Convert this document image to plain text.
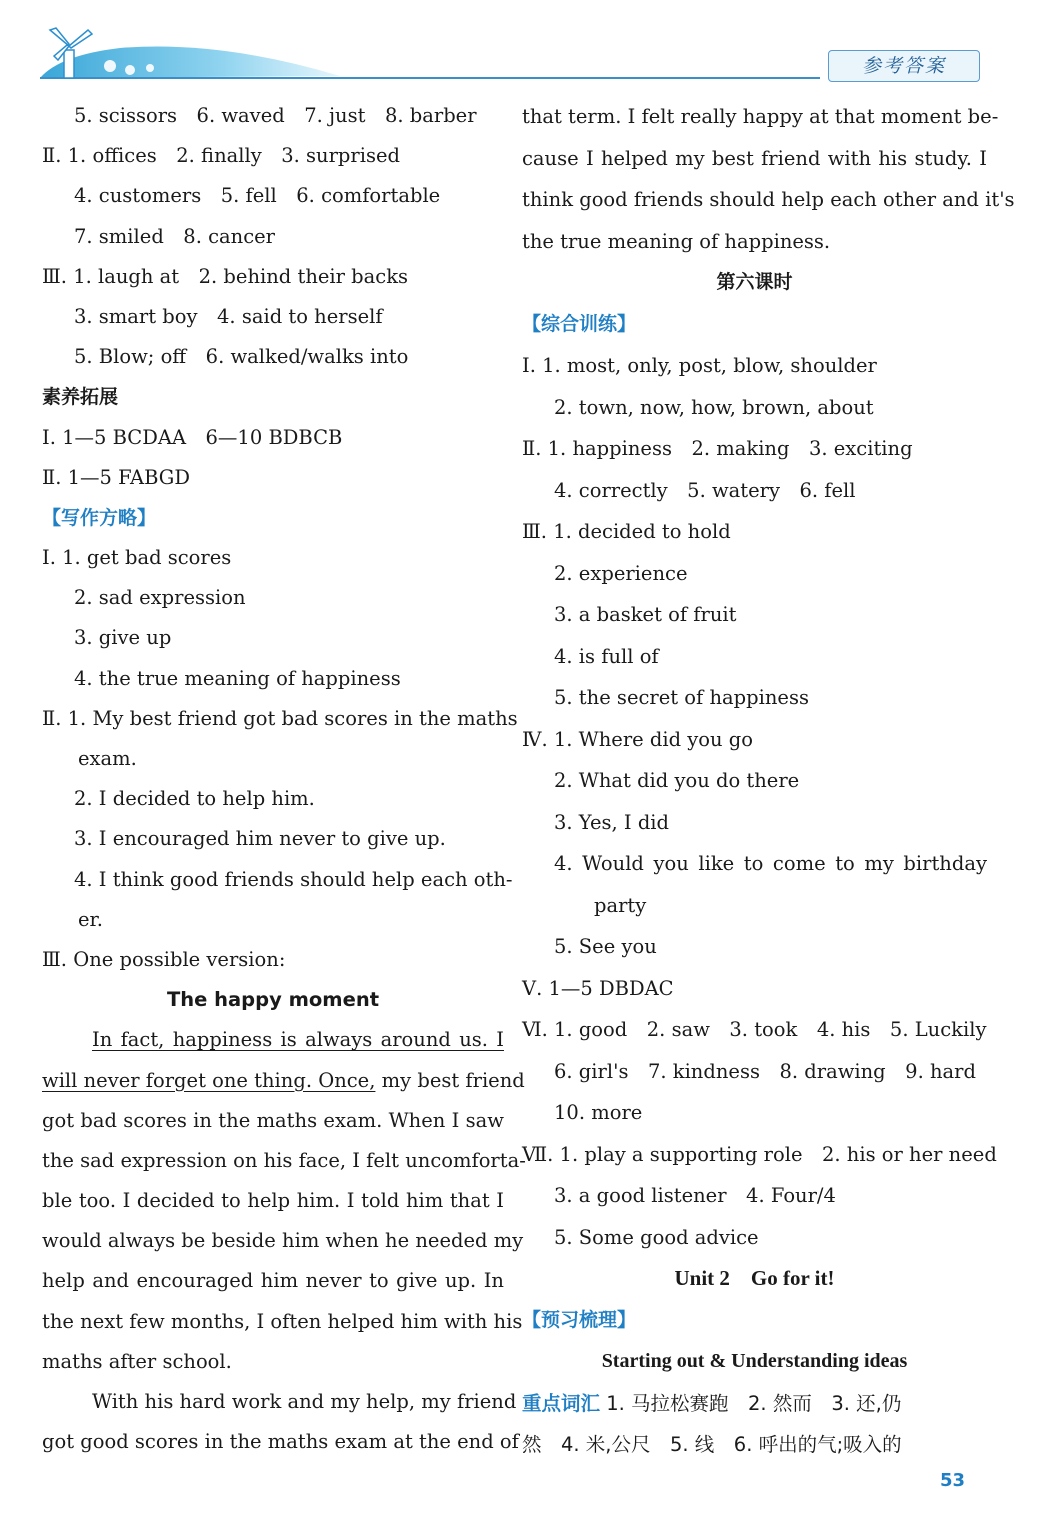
参考答案
5. scissors　6. waved　7. just　8. barber
Ⅱ. 1. offices　2. finally　3. surprised
4. customers　5. fell　6. comfortable
7. smiled　8. cancer
Ⅲ. 1. laugh at　2. behind their backs
3. smart boy　4. said to herself
5. Blow; off　6. walked/walks into
素养拓展
Ⅰ. 1—5 BCDAA　6—10 BDBCB
Ⅱ. 1—5 FABGD
【写作方略】
Ⅰ. 1. get bad scores
2. sad expression
3. give up
4. the true meaning of happiness
Ⅱ. 1. My best friend got bad scores in the maths
exam.
2. I decided to help him.
3. I encouraged him never to give up.
4. I think good friends should help each oth-
er.
Ⅲ. One possible version:
The happy moment
In fact, happiness is always around us. I
will never forget one thing. Once, my best friend
got bad scores in the maths exam. When I saw
the sad expression on his face, I felt uncomforta-
ble too. I decided to help him. I told him that I
would always be beside him when he needed my
help and encouraged him never to give up. In
the next few months, I often helped him with his
maths after school.
With his hard work and my help, my friend
got good scores in the maths exam at the end of
that term. I felt really happy at that moment be-
cause I helped my best friend with his study. I
think good friends should help each other and it's
the true meaning of happiness.
第六课时
【综合训练】
Ⅰ. 1. most, only, post, blow, shoulder
2. town, now, how, brown, about
Ⅱ. 1. happiness　2. making　3. exciting
4. correctly　5. watery　6. fell
Ⅲ. 1. decided to hold
2. experience
3. a basket of fruit
4. is full of
5. the secret of happiness
Ⅳ. 1. Where did you go
2. What did you do there
3. Yes, I did
4. Would you like to come to my birthday
party
5. See you
Ⅴ. 1—5 DBDAC
Ⅵ. 1. good　2. saw　3. took　4. his　5. Luckily
6. girl's　7. kindness　8. drawing　9. hard
10. more
Ⅶ. 1. play a supporting role　2. his or her need
3. a good listener　4. Four/4
5. Some good advice
Unit 2　Go for it!
【预习梳理】
Starting out & Understanding ideas
重点词汇 1. 马拉松赛跑　2. 然而　3. 还,仍
然　4. 米,公尺　5. 线　6. 呼出的气;吸入的
53
